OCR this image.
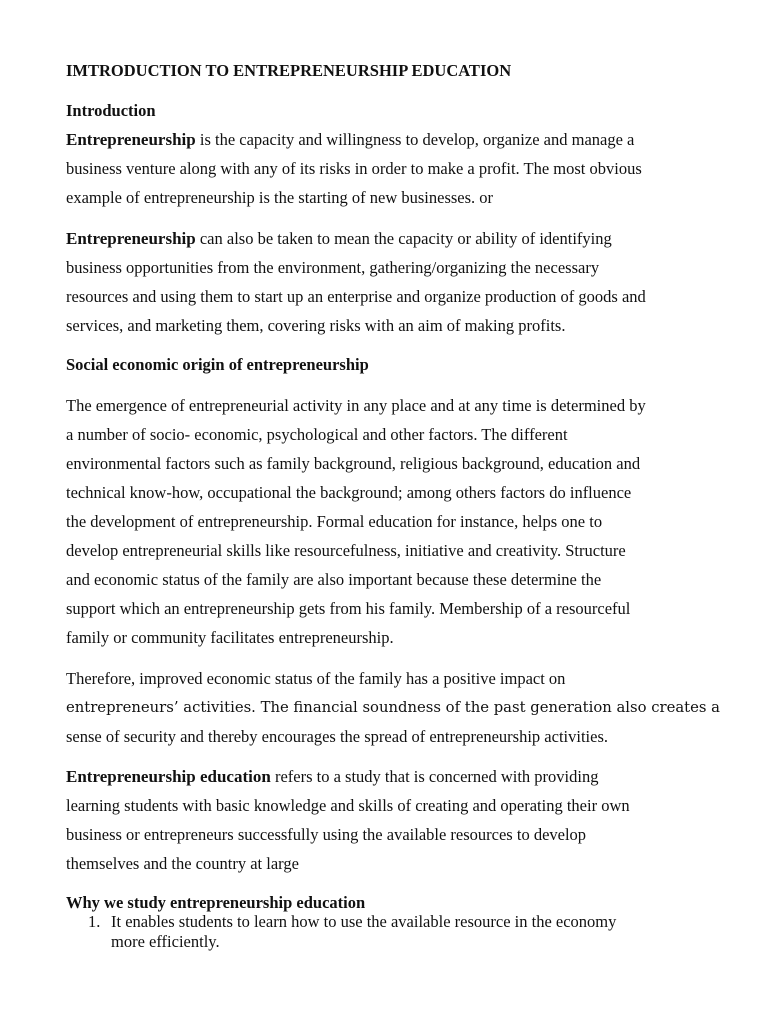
IMTRODUCTION TO ENTREPRENEURSHIP EDUCATION
Introduction
Entrepreneurship is the capacity and willingness to develop, organize and manage a
business venture along with any of its risks in order to make a profit. The most obvious
example of entrepreneurship is the starting of new businesses. or
Entrepreneurship can also be taken to mean the capacity or ability of identifying
business opportunities from the environment, gathering/organizing the necessary
resources and using them to start up an enterprise and organize production of goods and
services, and marketing them, covering risks with an aim of making profits.
Social economic origin of entrepreneurship
The emergence of entrepreneurial activity in any place and at any time is determined by
a number of socio- economic, psychological and other factors. The different
environmental factors such as family background, religious background, education and
technical know-how, occupational the background; among others factors do influence
the development of entrepreneurship. Formal education for instance, helps one to
develop entrepreneurial skills like resourcefulness, initiative and creativity. Structure
and economic status of the family are also important because these determine the
support which an entrepreneurship gets from his family. Membership of a resourceful
family or community facilitates entrepreneurship.
Therefore, improved economic status of the family has a positive impact on
entrepreneurs’ activities. The financial soundness of the past generation also creates a
sense of security and thereby encourages the spread of entrepreneurship activities.
Entrepreneurship education refers to a study that is concerned with providing
learning students with basic knowledge and skills of creating and operating their own
business or entrepreneurs successfully using the available resources to develop
themselves and the country at large
Why we study entrepreneurship education
1. It enables students to learn how to use the available resource in the economy
more efficiently.
